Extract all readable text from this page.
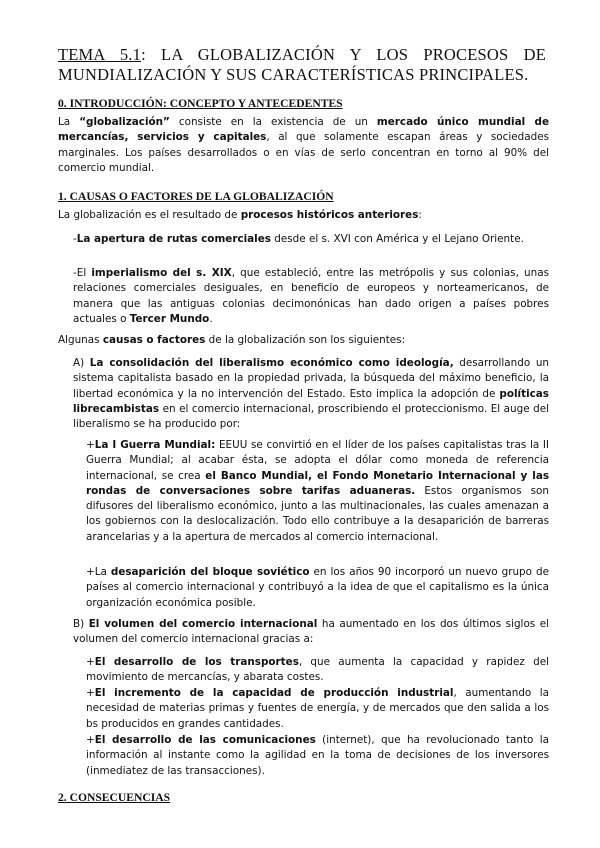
TEMA 5.1: LA GLOBALIZACIÓN Y LOS PROCESOS DE MUNDIALIZACIÓN Y SUS CARACTERÍSTICAS PRINCIPALES.
0. INTRODUCCIÓN: CONCEPTO Y ANTECEDENTES

La “globalización” consiste en la existencia de un mercado único mundial de mercancías, servicios y capitales, al que solamente escapan áreas y sociedades marginales. Los países desarrollados o en vías de serlo concentran en torno al 90% del comercio mundial.

1. CAUSAS O FACTORES DE LA GLOBALIZACIÓN

La globalización es el resultado de procesos históricos anteriores:

-La apertura de rutas comerciales desde el s. XVI con América y el Lejano Oriente.

-El imperialismo del s. XIX, que estableció, entre las metrópolis y sus colonias, unas relaciones comerciales desiguales, en beneficio de europeos y norteamericanos, de manera que las antiguas colonias decimonónicas han dado origen a países pobres actuales o Tercer Mundo.

Algunas causas o factores de la globalización son los siguientes:

A) La consolidación del liberalismo económico como ideología, desarrollando un sistema capitalista basado en la propiedad privada, la búsqueda del máximo beneficio, la libertad económica y la no intervención del Estado. Esto implica la adopción de políticas librecambistas en el comercio internacional, proscribiendo el proteccionismo. El auge del liberalismo se ha producido por:

+La I Guerra Mundial: EEUU se convirtió en el líder de los países capitalistas tras la II Guerra Mundial; al acabar ésta, se adopta el dólar como moneda de referencia internacional, se crea el Banco Mundial, el Fondo Monetario Internacional y las rondas de conversaciones sobre tarifas aduaneras. Estos organismos son difusores del liberalismo económico, junto a las multinacionales, las cuales amenazan a los gobiernos con la deslocalización. Todo ello contribuye a la desaparición de barreras arancelarias y a la apertura de mercados al comercio internacional.

+La desaparición del bloque soviético en los años 90 incorporó un nuevo grupo de países al comercio internacional y contribuyó a la idea de que el capitalismo es la única organización económica posible.

B) El volumen del comercio internacional ha aumentado en los dos últimos siglos el volumen del comercio internacional gracias a:

+El desarrollo de los transportes, que aumenta la capacidad y rapidez del movimiento de mercancías, y abarata costes.

+El incremento de la capacidad de producción industrial, aumentando la necesidad de materias primas y fuentes de energía, y de mercados que den salida a los bs producidos en grandes cantidades.

+El desarrollo de las comunicaciones (internet), que ha revolucionado tanto la información al instante como la agilidad en la toma de decisiones de los inversores (inmediatez de las transacciones).

2. CONSECUENCIAS
